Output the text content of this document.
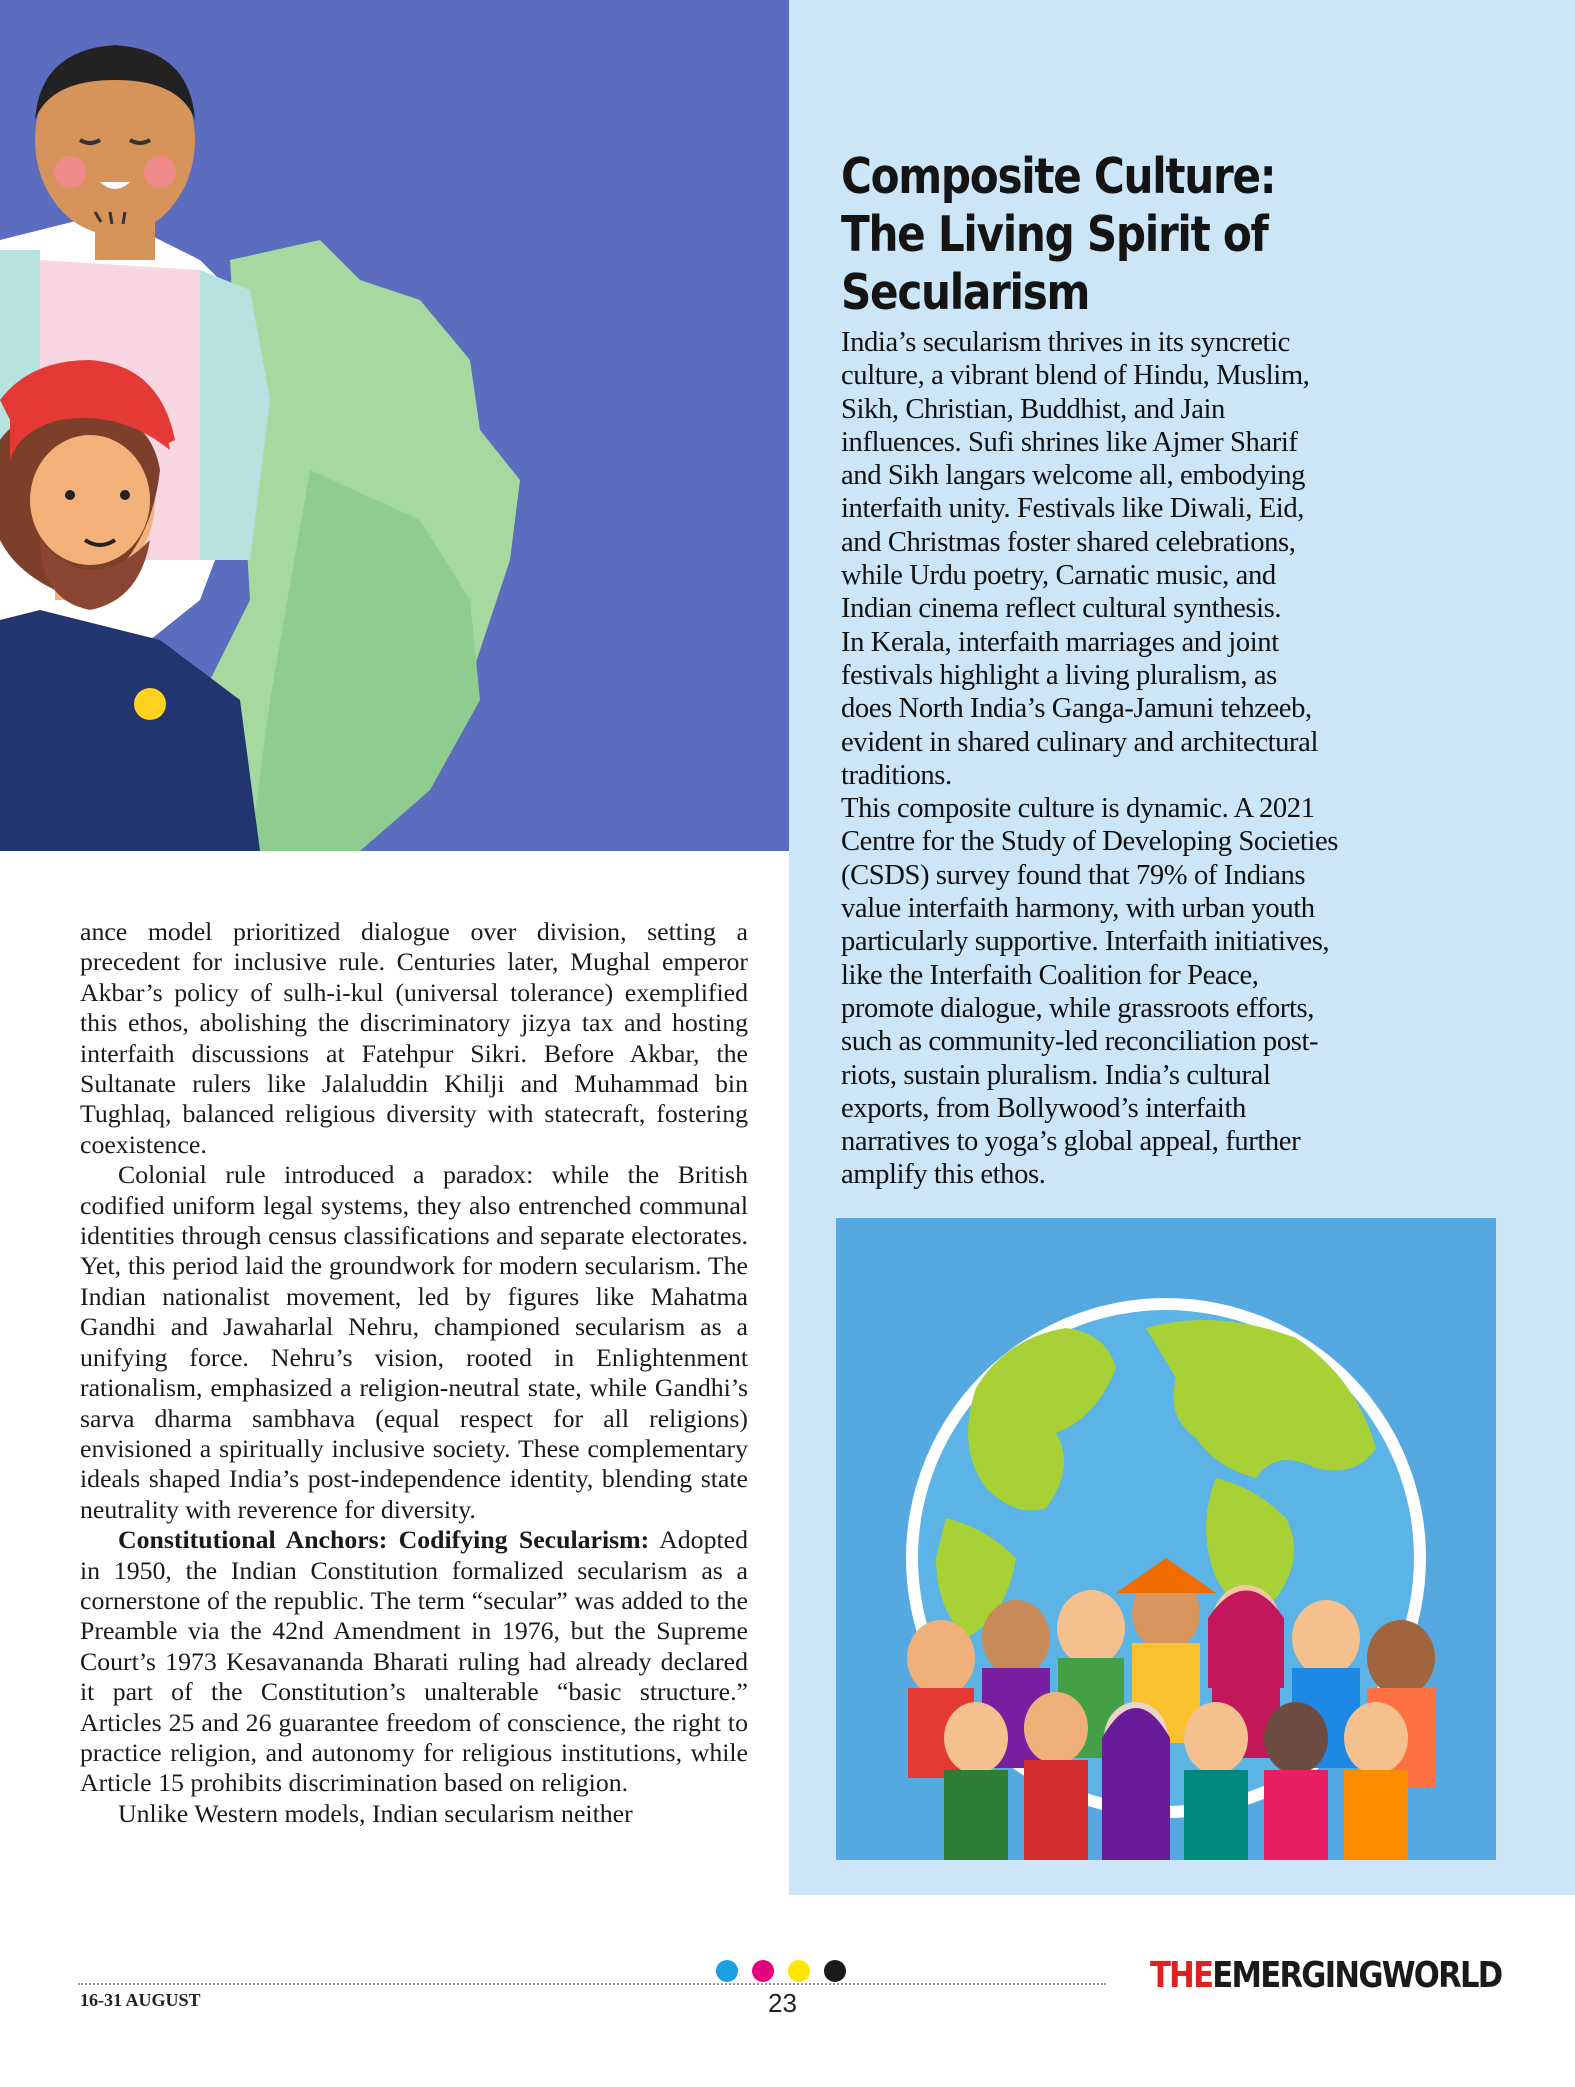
Composite Culture:
The Living Spirit of
Secularism

India’s secularism thrives in its syncretic

culture, a vibrant blend of Hindu, Muslim,

Sikh, Christian, Buddhist, and Jain

influences. Sufi shrines like Ajmer Sharif

and Sikh langars welcome all, embodying

interfaith unity. Festivals like Diwali, Eid,

and Christmas foster shared celebrations,

while Urdu poetry, Carnatic music, and

Indian cinema reflect cultural synthesis.

In Kerala, interfaith marriages and joint

festivals highlight a living pluralism, as

does North India’s Ganga-Jamuni tehzeeb,

evident in shared culinary and architectural

traditions.

This composite culture is dynamic. A 2021

Centre for the Study of Developing Societies

(CSDS) survey found that 79% of Indians

value interfaith harmony, with urban youth

particularly supportive. Interfaith initiatives,

like the Interfaith Coalition for Peace,

promote dialogue, while grassroots efforts,

such as community-led reconciliation post-

riots, sustain pluralism. India’s cultural

exports, from Bollywood’s interfaith

narratives to yoga’s global appeal, further

amplify this ethos.

ance model prioritized dialogue over division, setting a precedent for inclusive rule. Centuries later, Mughal emperor Akbar’s policy of sulh-i-kul (universal tolerance) exemplified this ethos, abolishing the discriminatory jizya tax and hosting interfaith discussions at Fatehpur Sikri. Before Akbar, the Sultanate rulers like Jalaluddin Khilji and Muhammad bin Tughlaq, balanced religious diversity with statecraft, fostering coexistence.

Colonial rule introduced a paradox: while the British codified uniform legal systems, they also entrenched communal identities through census classifications and separate electorates. Yet, this period laid the groundwork for modern secularism. The Indian nationalist movement, led by figures like Mahatma Gandhi and Jawaharlal Nehru, championed secularism as a unifying force. Nehru’s vision, rooted in Enlightenment rationalism, emphasized a religion-neutral state, while Gandhi’s sarva dharma sambhava (equal respect for all religions) envisioned a spiritually inclusive society. These complementary ideals shaped India’s post-independence identity, blending state neutrality with reverence for diversity.

Constitutional Anchors: Codifying Secularism: Adopted in 1950, the Indian Constitution formalized secularism as a cornerstone of the republic. The term “secular” was added to the Preamble via the 42nd Amendment in 1976, but the Supreme Court’s 1973 Kesavananda Bharati ruling had already declared it part of the Constitution’s unalterable “basic structure.” Articles 25 and 26 guarantee freedom of conscience, the right to practice religion, and autonomy for religious institutions, while Article 15 prohibits discrimination based on religion.

Unlike Western models, Indian secularism neither

16-31 AUGUST	23
THEEMERGINGWORLD
